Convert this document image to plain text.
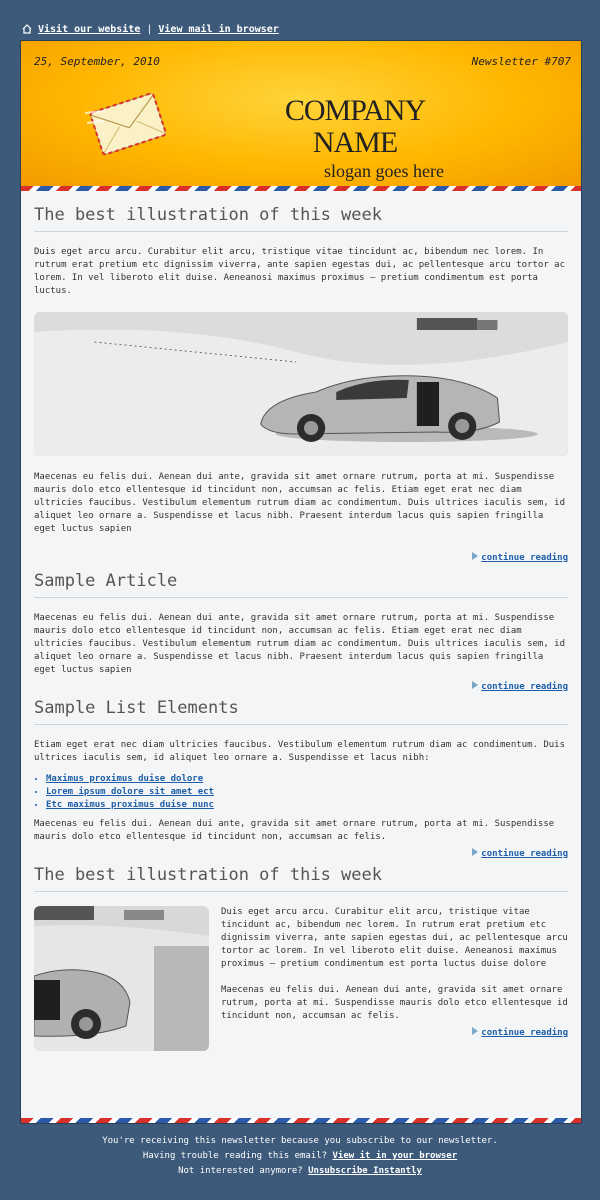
Visit our website | View mail in browser
25, September, 2010	Newsletter #707
COMPANY NAME
slogan goes here
The best illustration of this week

Duis eget arcu arcu. Curabitur elit arcu, tristique vitae tincidunt ac, bibendum nec lorem. In rutrum erat pretium etc dignissim viverra, ante sapien egestas dui, ac pellentesque arcu tortor ac lorem. In vel liberoto elit duise. Aeneanosi maximus proximus — pretium condimentum est porta luctus.

Maecenas eu felis dui. Aenean dui ante, gravida sit amet ornare rutrum, porta at mi. Suspendisse mauris dolo etco ellentesque id tincidunt non, accumsan ac felis. Etiam eget erat nec diam ultricies faucibus. Vestibulum elementum rutrum diam ac condimentum. Duis ultrices iaculis sem, id aliquet leo ornare a. Suspendisse et lacus nibh. Praesent interdum lacus quis sapien fringilla eget luctus sapien

continue reading
Sample Article

Maecenas eu felis dui. Aenean dui ante, gravida sit amet ornare rutrum, porta at mi. Suspendisse mauris dolo etco ellentesque id tincidunt non, accumsan ac felis. Etiam eget erat nec diam ultricies faucibus. Vestibulum elementum rutrum diam ac condimentum. Duis ultrices iaculis sem, id aliquet leo ornare a. Suspendisse et lacus nibh. Praesent interdum lacus quis sapien fringilla eget luctus sapien

continue reading
Sample List Elements

Etiam eget erat nec diam ultricies faucibus. Vestibulum elementum rutrum diam ac condimentum. Duis ultrices iaculis sem, id aliquet leo ornare a. Suspendisse et lacus nibh:

• Maximus proximus duise dolore
• Lorem ipsum dolore sit amet ect
• Etc maximus proximus duise nunc

Maecenas eu felis dui. Aenean dui ante, gravida sit amet ornare rutrum, porta at mi. Suspendisse mauris dolo etco ellentesque id tincidunt non, accumsan ac felis.

continue reading
The best illustration of this week

Duis eget arcu arcu. Curabitur elit arcu, tristique vitae tincidunt ac, bibendum nec lorem. In rutrum erat pretium etc dignissim viverra, ante sapien egestas dui, ac pellentesque arcu tortor ac lorem. In vel liberoto elit duise. Aeneanosi maximus proximus — pretium condimentum est porta luctus duise dolore

Maecenas eu felis dui. Aenean dui ante, gravida sit amet ornare rutrum, porta at mi. Suspendisse mauris dolo etco ellentesque id tincidunt non, accumsan ac felis.

continue reading
You're receiving this newsletter because you subscribe to our newsletter.
Having trouble reading this email? View it in your browser
Not interested anymore? Unsubscribe Instantly
